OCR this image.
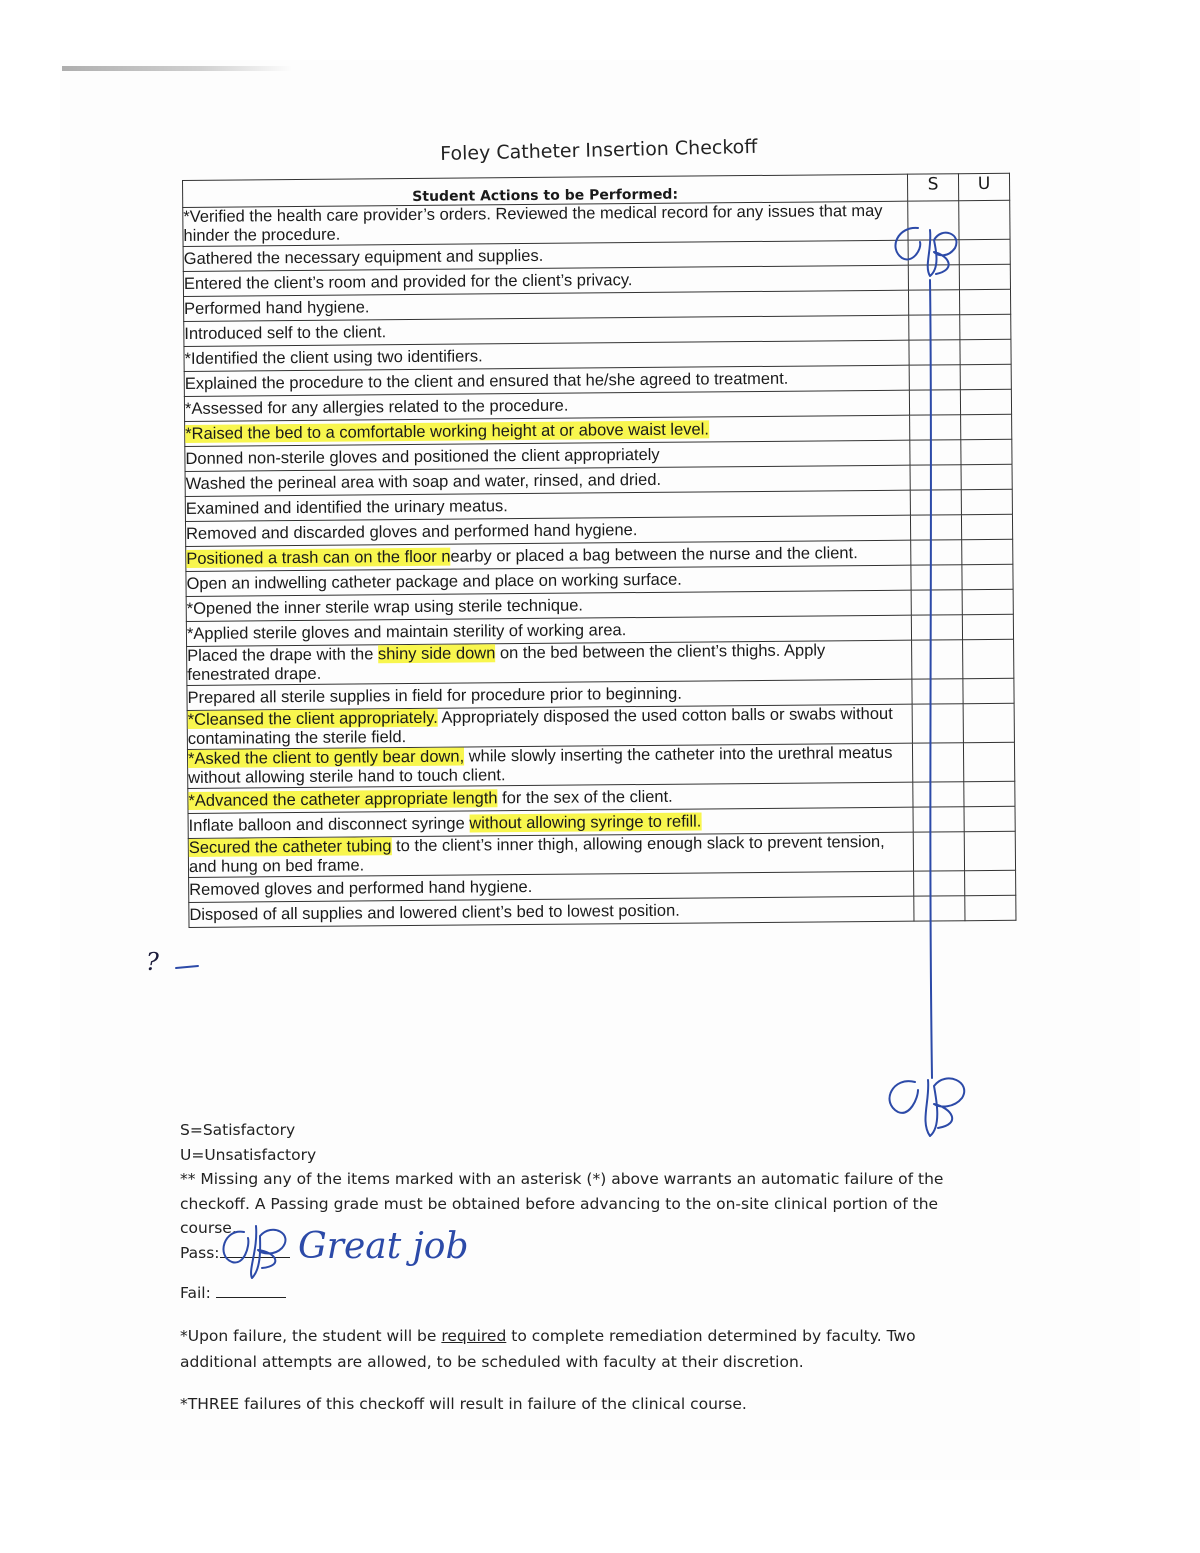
Foley Catheter Insertion Checkoff
Student Actions to be Performed:	S	U
*Verified the health care provider’s orders. Reviewed the medical record for any issues that may hinder the procedure.		
Gathered the necessary equipment and supplies.		
Entered the client’s room and provided for the client’s privacy.		
Performed hand hygiene.		
Introduced self to the client.		
*Identified the client using two identifiers.		
Explained the procedure to the client and ensured that he/she agreed to treatment.		
*Assessed for any allergies related to the procedure.		
*Raised the bed to a comfortable working height at or above waist level.		
Donned non-sterile gloves and positioned the client appropriately		
Washed the perineal area with soap and water, rinsed, and dried.		
Examined and identified the urinary meatus.		
Removed and discarded gloves and performed hand hygiene.		
Positioned a trash can on the floor nearby or placed a bag between the nurse and the client.		
Open an indwelling catheter package and place on working surface.		
*Opened the inner sterile wrap using sterile technique.		
*Applied sterile gloves and maintain sterility of working area.		
Placed the drape with the shiny side down on the bed between the client’s thighs. Apply fenestrated drape.		
Prepared all sterile supplies in field for procedure prior to beginning.		
*Cleansed the client appropriately. Appropriately disposed the used cotton balls or swabs without contaminating the sterile field.		
*Asked the client to gently bear down, while slowly inserting the catheter into the urethral meatus without allowing sterile hand to touch client.		
*Advanced the catheter appropriate length for the sex of the client.		
Inflate balloon and disconnect syringe without allowing syringe to refill.		
Secured the catheter tubing to the client’s inner thigh, allowing enough slack to prevent tension, and hung on bed frame.		
Removed gloves and performed hand hygiene.		
Disposed of all supplies and lowered client’s bed to lowest position.		

S=Satisfactory

U=Unsatisfactory

** Missing any of the items marked with an asterisk (*) above warrants an automatic failure of the checkoff. A Passing grade must be obtained before advancing to the on-site clinical portion of the course.

Pass:

Fail:

*Upon failure, the student will be required to complete remediation determined by faculty. Two additional attempts are allowed, to be scheduled with faculty at their discretion.
*THREE failures of this checkoff will result in failure of the clinical course.
?
Great job
